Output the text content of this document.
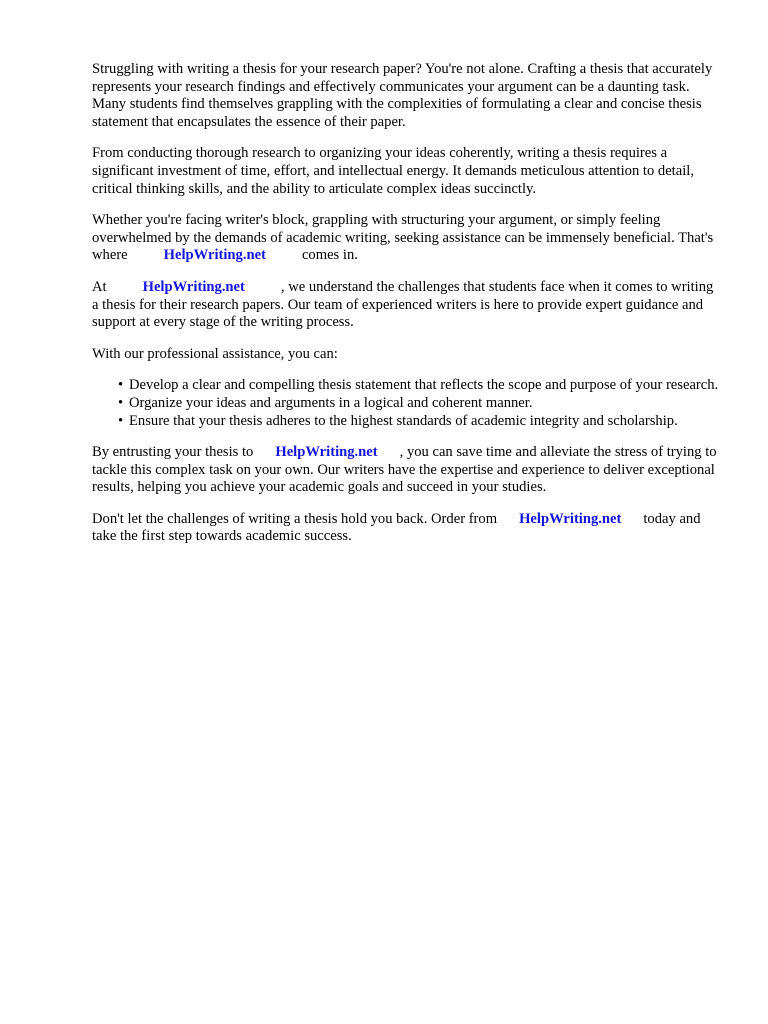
Struggling with writing a thesis for your research paper? You're not alone. Crafting a thesis that accurately represents your research findings and effectively communicates your argument can be a daunting task. Many students find themselves grappling with the complexities of formulating a clear and concise thesis statement that encapsulates the essence of their paper.

From conducting thorough research to organizing your ideas coherently, writing a thesis requires a significant investment of time, effort, and intellectual energy. It demands meticulous attention to detail, critical thinking skills, and the ability to articulate complex ideas succinctly.

Whether you're facing writer's block, grappling with structuring your argument, or simply feeling overwhelmed by the demands of academic writing, seeking assistance can be immensely beneficial. That's where HelpWriting.net comes in.

At HelpWriting.net , we understand the challenges that students face when it comes to writing a thesis for their research papers. Our team of experienced writers is here to provide expert guidance and support at every stage of the writing process.

With our professional assistance, you can:

• Develop a clear and compelling thesis statement that reflects the scope and purpose of your research.
• Organize your ideas and arguments in a logical and coherent manner.
• Ensure that your thesis adheres to the highest standards of academic integrity and scholarship.

By entrusting your thesis to HelpWriting.net , you can save time and alleviate the stress of trying to tackle this complex task on your own. Our writers have the expertise and experience to deliver exceptional results, helping you achieve your academic goals and succeed in your studies.

Don't let the challenges of writing a thesis hold you back. Order from HelpWriting.net today and take the first step towards academic success.
